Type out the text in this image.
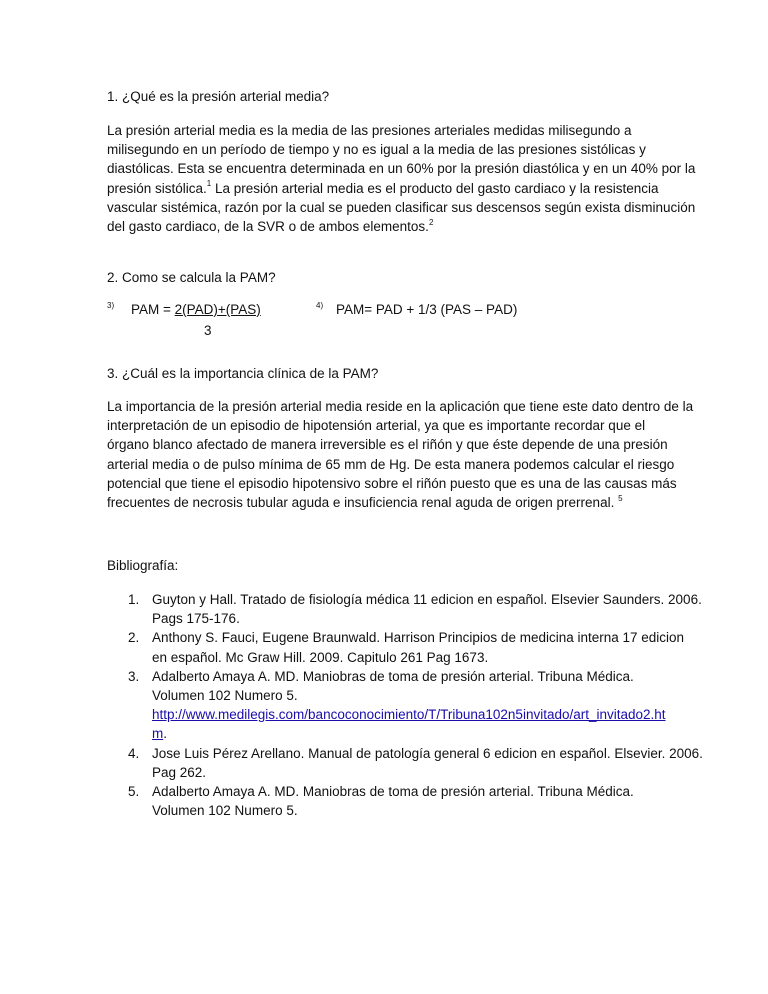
1. ¿Qué es la presión arterial media?
La presión arterial media es la media de las presiones arteriales medidas milisegundo a
milisegundo en un período de tiempo y no es igual a la media de las presiones sistólicas y
diastólicas. Esta se encuentra determinada en un 60% por la presión diastólica y en un 40% por la
presión sistólica.$^1$ La presión arterial media es el producto del gasto cardiaco y la resistencia
vascular sistémica, razón por la cual se pueden clasificar sus descensos según exista disminución
del gasto cardiaco, de la SVR o de ambos elementos.$^2$
2. Como se calcula la PAM?
3) PAM = 2(PAD)+(PAS)
3
4) PAM= PAD + 1/3 (PAS – PAD)
3. ¿Cuál es la importancia clínica de la PAM?
La importancia de la presión arterial media reside en la aplicación que tiene este dato dentro de la
interpretación de un episodio de hipotensión arterial, ya que es importante recordar que el
órgano blanco afectado de manera irreversible es el riñón y que éste depende de una presión
arterial media o de pulso mínima de 65 mm de Hg. De esta manera podemos calcular el riesgo
potencial que tiene el episodio hipotensivo sobre el riñón puesto que es una de las causas más
frecuentes de necrosis tubular aguda e insuficiencia renal aguda de origen prerrenal. $^5$
Bibliografía:
1. Guyton y Hall. Tratado de fisiología médica 11 edicion en español. Elsevier Saunders. 2006.
Pags 175-176.
2. Anthony S. Fauci, Eugene Braunwald. Harrison Principios de medicina interna 17 edicion
en español. Mc Graw Hill. 2009. Capitulo 261 Pag 1673.
3. Adalberto Amaya A. MD. Maniobras de toma de presión arterial. Tribuna Médica.
Volumen 102 Numero 5.
http://www.medilegis.com/bancoconocimiento/T/Tribuna102n5invitado/art_invitado2.ht
m.
4. Jose Luis Pérez Arellano. Manual de patología general 6 edicion en español. Elsevier. 2006.
Pag 262.
5. Adalberto Amaya A. MD. Maniobras de toma de presión arterial. Tribuna Médica.
Volumen 102 Numero 5.
